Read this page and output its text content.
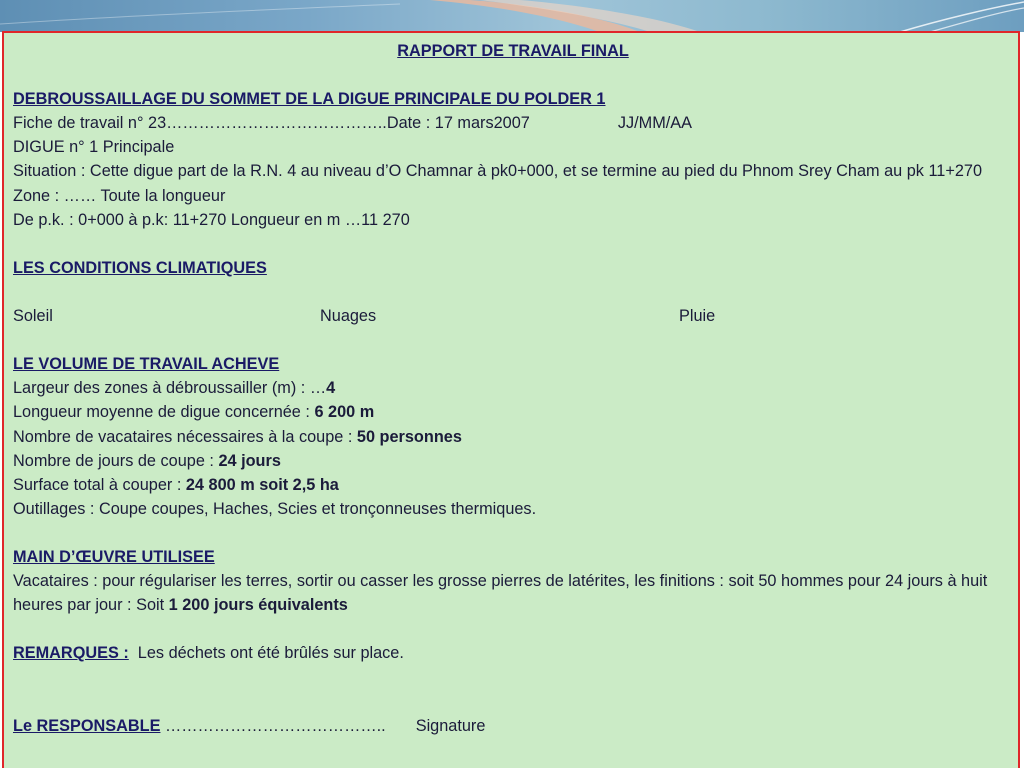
RAPPORT DE TRAVAIL FINAL
DEBROUSSAILLAGE DU SOMMET DE LA DIGUE PRINCIPALE DU POLDER 1
Fiche de travail n° 23…………………………………..Date : 17 mars2007	JJ/MM/AA
DIGUE n° 1 Principale
Situation : Cette digue part de la R.N. 4 au niveau d’O Chamnar à pk0+000, et se termine au pied du Phnom Srey Cham au pk 11+270
Zone : …… Toute la longueur
De p.k. : 0+000 à p.k: 11+270 Longueur en m …11 270
LES CONDITIONS CLIMATIQUES
Soleil	Nuages	Pluie
LE VOLUME DE TRAVAIL ACHEVE
Largeur des zones à débroussailler (m) : …4
Longueur moyenne de digue concernée : 6 200 m
Nombre de vacataires nécessaires à la coupe : 50 personnes
Nombre de jours de coupe : 24 jours
Surface total à couper : 24 800 m soit 2,5 ha
Outillages : Coupe coupes, Haches, Scies et tronçonneuses thermiques.
MAIN D’ŒUVRE UTILISEE
Vacataires : pour régulariser les terres, sortir ou casser les grosse pierres de latérites, les finitions : soit 50 hommes pour 24 jours à huit heures par jour : Soit 1 200 jours équivalents
REMARQUES : Les déchets ont été brûlés sur place.
Le RESPONSABLE ………………………………….. Signature
